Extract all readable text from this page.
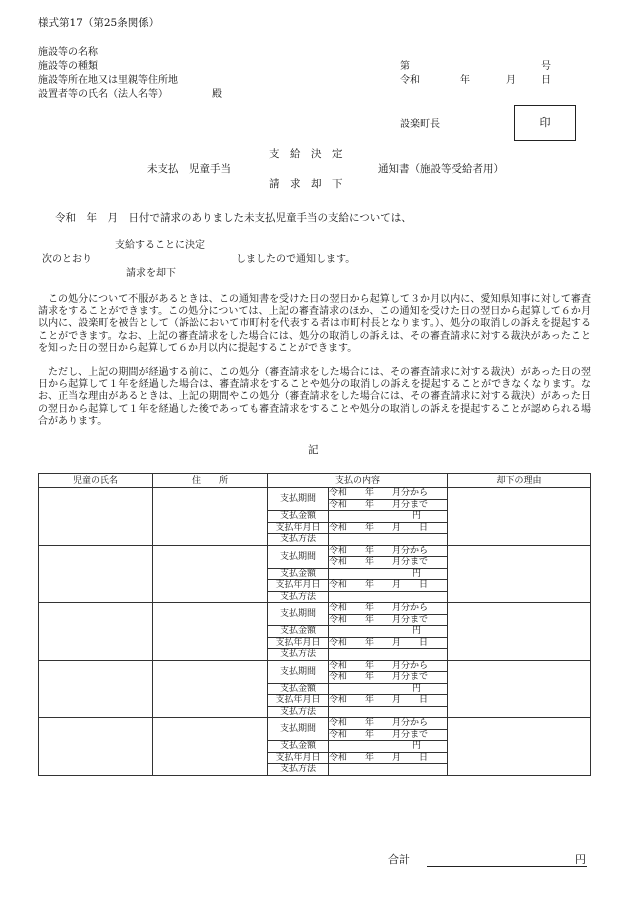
様式第17（第25条関係）
施設等の名称
施設等の種類
施設等所在地又は里親等住所地
設置者等の氏名（法人名等）	殿
第	号
令和	年	月	日
設楽町長	印
支　給　決　定
未支払　児童手当	通知書（施設等受給者用）
請　求　却　下
令和　年　月　日付で請求のありました未支払児童手当の支給については、
支給することに決定
次のとおり	しましたので通知します。
請求を却下
この処分について不服があるときは、この通知書を受けた日の翌日から起算して３か月以内に、愛知県知事に対して審査請求をすることができます。この処分については、上記の審査請求のほか、この通知を受けた日の翌日から起算して６か月以内に、設楽町を被告として（訴訟において市町村を代表する者は市町村長となります。）、処分の取消しの訴えを提起することができます。なお、上記の審査請求をした場合には、処分の取消しの訴えは、その審査請求に対する裁決があったことを知った日の翌日から起算して６か月以内に提起することができます。
ただし、上記の期間が経過する前に、この処分（審査請求をした場合には、その審査請求に対する裁決）があった日の翌日から起算して１年を経過した場合は、審査請求をすることや処分の取消しの訴えを提起することができなくなります。なお、正当な理由があるときは、上記の期間やこの処分（審査請求をした場合には、その審査請求に対する裁決）があった日の翌日から起算して１年を経過した後であっても審査請求をすることや処分の取消しの訴えを提起することが認められる場合があります。
記
児童の氏名	住　　所	支払の内容		却下の理由
		支払期間	令和　　年　　月分から	
			令和　　年　　月分まで	
		支払金額	円	
		支払年月日	令和　　年　　月　　日	
		支払方法		
		支払期間	令和　　年　　月分から	
			令和　　年　　月分まで	
		支払金額	円	
		支払年月日	令和　　年　　月　　日	
		支払方法		
		支払期間	令和　　年　　月分から	
			令和　　年　　月分まで	
		支払金額	円	
		支払年月日	令和　　年　　月　　日	
		支払方法		
		支払期間	令和　　年　　月分から	
			令和　　年　　月分まで	
		支払金額	円	
		支払年月日	令和　　年　　月　　日	
		支払方法		
		支払期間	令和　　年　　月分から	
			令和　　年　　月分まで	
		支払金額	円	
		支払年月日	令和　　年　　月　　日	
		支払方法		
合計	円
